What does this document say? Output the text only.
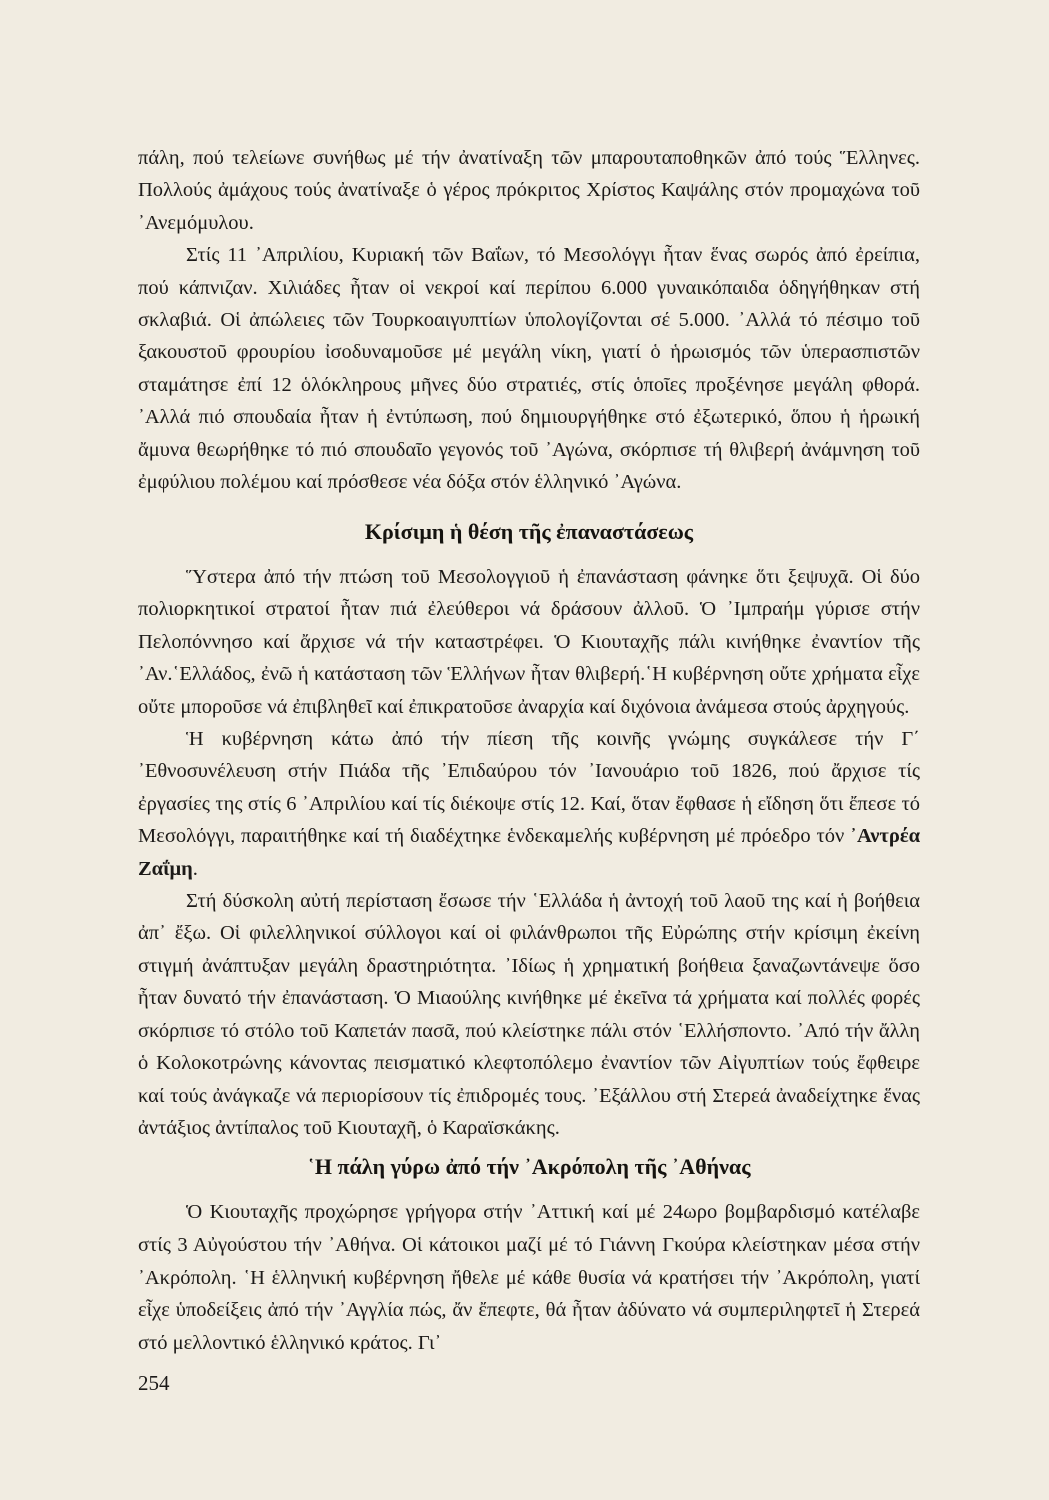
πάλη, πού τελείωνε συνήθως μέ τήν ἀνατίναξη τῶν μπαρουταποθηκῶν ἀπό τούς Ἕλληνες. Πολλούς ἀμάχους τούς ἀνατίναξε ὁ γέρος πρόκριτος Χρίστος Καψάλης στόν προμαχώνα τοῦ ᾿Ανεμόμυλου.

Στίς 11 ᾿Απριλίου, Κυριακή τῶν Βαΐων, τό Μεσολόγγι ἦταν ἕνας σωρός ἀπό ἐρείπια, πού κάπνιζαν. Χιλιάδες ἦταν οἱ νεκροί καί περίπου 6.000 γυναικόπαιδα ὁδηγήθηκαν στή σκλαβιά. Οἱ ἀπώλειες τῶν Τουρκοαιγυπτίων ὑπολογίζονται σέ 5.000. ᾿Αλλά τό πέσιμο τοῦ ξακουστοῦ φρουρίου ἰσοδυναμοῦσε μέ μεγάλη νίκη, γιατί ὁ ἡρωισμός τῶν ὑπερασπιστῶν σταμάτησε ἐπί 12 ὁλόκληρους μῆνες δύο στρατιές, στίς ὁποῖες προξένησε μεγάλη φθορά. ᾿Αλλά πιό σπουδαία ἦταν ἡ ἐντύπωση, πού δημιουργήθηκε στό ἐξωτερικό, ὅπου ἡ ἡρωική ἄμυνα θεωρήθηκε τό πιό σπουδαῖο γεγονός τοῦ ᾿Αγώνα, σκόρπισε τή θλιβερή ἀνάμνηση τοῦ ἐμφύλιου πολέμου καί πρόσθεσε νέα δόξα στόν ἑλληνικό ᾿Αγώνα.

Κρίσιμη ἡ θέση τῆς ἐπαναστάσεως

Ὕστερα ἀπό τήν πτώση τοῦ Μεσολογγιοῦ ἡ ἐπανάσταση φάνηκε ὅτι ξεψυχᾶ. Οἱ δύο πολιορκητικοί στρατοί ἦταν πιά ἐλεύθεροι νά δράσουν ἀλλοῦ. Ὁ ᾿Ιμπραήμ γύρισε στήν Πελοπόννησο καί ἄρχισε νά τήν καταστρέφει. Ὁ Κιουταχῆς πάλι κινήθηκε ἐναντίον τῆς ᾿Αν.῾Ελλάδος, ἐνῶ ἡ κατάσταση τῶν Ἑλλήνων ἦταν θλιβερή.῾Η κυβέρνηση οὔτε χρήματα εἶχε οὔτε μποροῦσε νά ἐπιβληθεῖ καί ἐπικρατοῦσε ἀναρχία καί διχόνοια ἀνάμεσα στούς ἀρχηγούς.

Ἡ κυβέρνηση κάτω ἀπό τήν πίεση τῆς κοινῆς γνώμης συγκάλεσε τήν Γ΄ ᾿Εθνοσυνέλευση στήν Πιάδα τῆς ᾿Επιδαύρου τόν ᾿Ιανουάριο τοῦ 1826, πού ἄρχισε τίς ἐργασίες της στίς 6 ᾿Απριλίου καί τίς διέκοψε στίς 12. Καί, ὅταν ἔφθασε ἡ εἴδηση ὅτι ἔπεσε τό Μεσολόγγι, παραιτήθηκε καί τή διαδέχτηκε ἑνδεκαμελής κυβέρνηση μέ πρόεδρο τόν ᾿Αντρέα Ζαΐμη.

Στή δύσκολη αὐτή περίσταση ἔσωσε τήν ῾Ελλάδα ἡ ἀντοχή τοῦ λαοῦ της καί ἡ βοήθεια ἀπ᾿ ἔξω. Οἱ φιλελληνικοί σύλλογοι καί οἱ φιλάνθρωποι τῆς Εὐρώπης στήν κρίσιμη ἐκείνη στιγμή ἀνάπτυξαν μεγάλη δραστηριότητα. ᾿Ιδίως ἡ χρηματική βοήθεια ξαναζωντάνεψε ὅσο ἦταν δυνατό τήν ἐπανάσταση. Ὁ Μιαούλης κινήθηκε μέ ἐκεῖνα τά χρήματα καί πολλές φορές σκόρπισε τό στόλο τοῦ Καπετάν πασᾶ, πού κλείστηκε πάλι στόν ῾Ελλήσποντο. ᾿Από τήν ἄλλη ὁ Κολοκοτρώνης κάνοντας πεισματικό κλεφτοπόλεμο ἐναντίον τῶν Αἰγυπτίων τούς ἔφθειρε καί τούς ἀνάγκαζε νά περιορίσουν τίς ἐπιδρομές τους. ᾿Εξάλλου στή Στερεά ἀναδείχτηκε ἕνας ἀντάξιος ἀντίπαλος τοῦ Κιουταχῆ, ὁ Καραϊσκάκης.

῾Η πάλη γύρω ἀπό τήν ᾿Ακρόπολη τῆς ᾿Αθήνας

Ὁ Κιουταχῆς προχώρησε γρήγορα στήν ᾿Αττική καί μέ 24ωρο βομβαρδισμό κατέλαβε στίς 3 Αὐγούστου τήν ᾿Αθήνα. Οἱ κάτοικοι μαζί μέ τό Γιάννη Γκούρα κλείστηκαν μέσα στήν ᾿Ακρόπολη. ῾Η ἑλληνική κυβέρνηση ἤθελε μέ κάθε θυσία νά κρατήσει τήν ᾿Ακρόπολη, γιατί εἶχε ὑποδείξεις ἀπό τήν ᾿Αγγλία πώς, ἄν ἔπεφτε, θά ἦταν ἀδύνατο νά συμπεριληφτεῖ ἡ Στερεά στό μελλοντικό ἑλληνικό κράτος. Γι᾿

254
